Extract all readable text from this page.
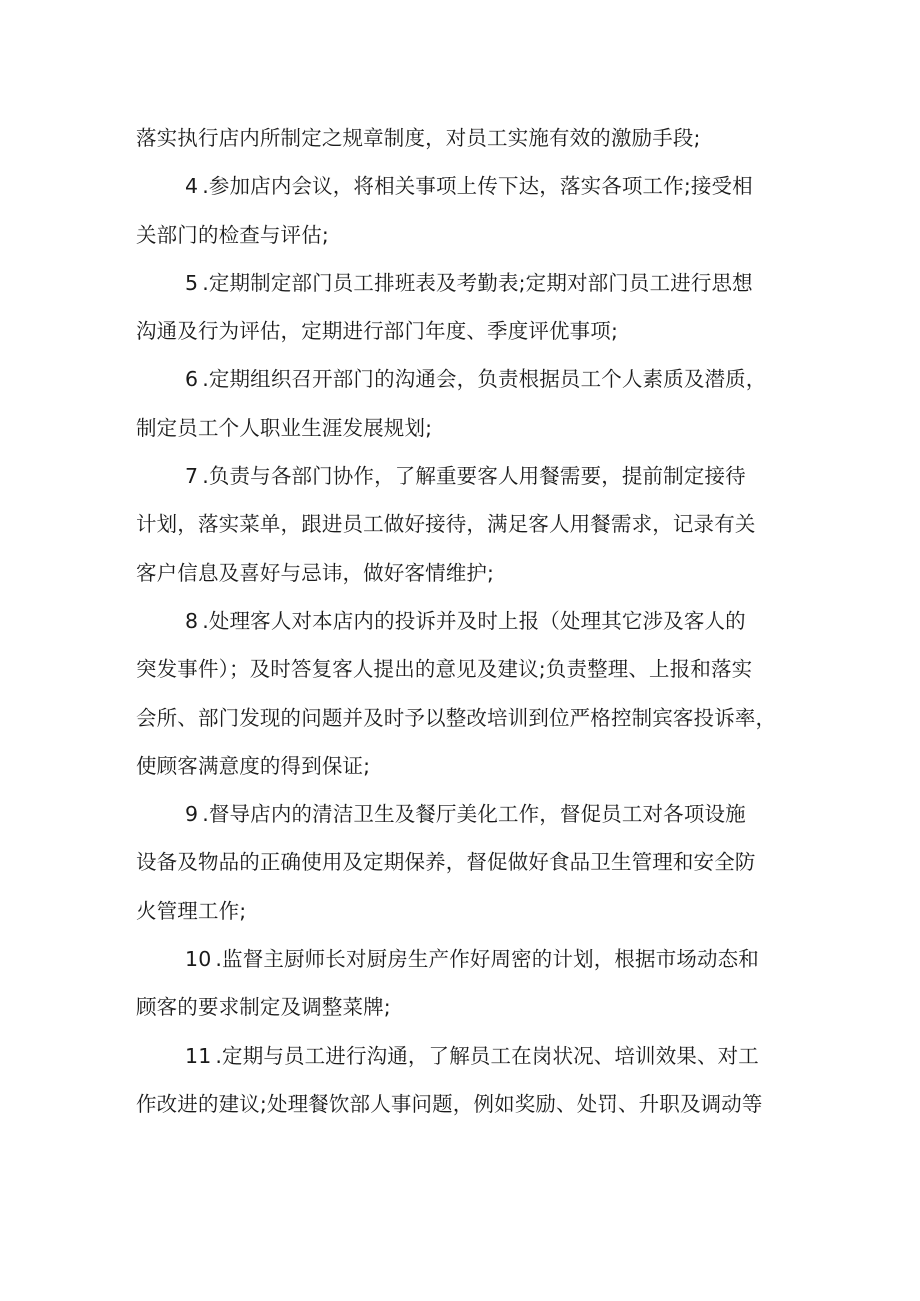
落实执行店内所制定之规章制度，对员工实施有效的激励手段;
4 .参加店内会议，将相关事项上传下达，落实各项工作;接受相
关部门的检查与评估;
5 .定期制定部门员工排班表及考勤表;定期对部门员工进行思想
沟通及行为评估，定期进行部门年度、季度评优事项;
6 .定期组织召开部门的沟通会，负责根据员工个人素质及潜质，
制定员工个人职业生涯发展规划;
7 .负责与各部门协作，了解重要客人用餐需要，提前制定接待
计划，落实菜单，跟进员工做好接待，满足客人用餐需求，记录有关
客户信息及喜好与忌讳，做好客情维护;
8 .处理客人对本店内的投诉并及时上报（处理其它涉及客人的
突发事件）；及时答复客人提出的意见及建议;负责整理、上报和落实
会所、部门发现的问题并及时予以整改培训到位严格控制宾客投诉率，
使顾客满意度的得到保证;
9 .督导店内的清洁卫生及餐厅美化工作，督促员工对各项设施
设备及物品的正确使用及定期保养，督促做好食品卫生管理和安全防
火管理工作;
10 .监督主厨师长对厨房生产作好周密的计划，根据市场动态和
顾客的要求制定及调整菜牌;
11 .定期与员工进行沟通，了解员工在岗状况、培训效果、对工
作改进的建议;处理餐饮部人事问题，例如奖励、处罚、升职及调动等
